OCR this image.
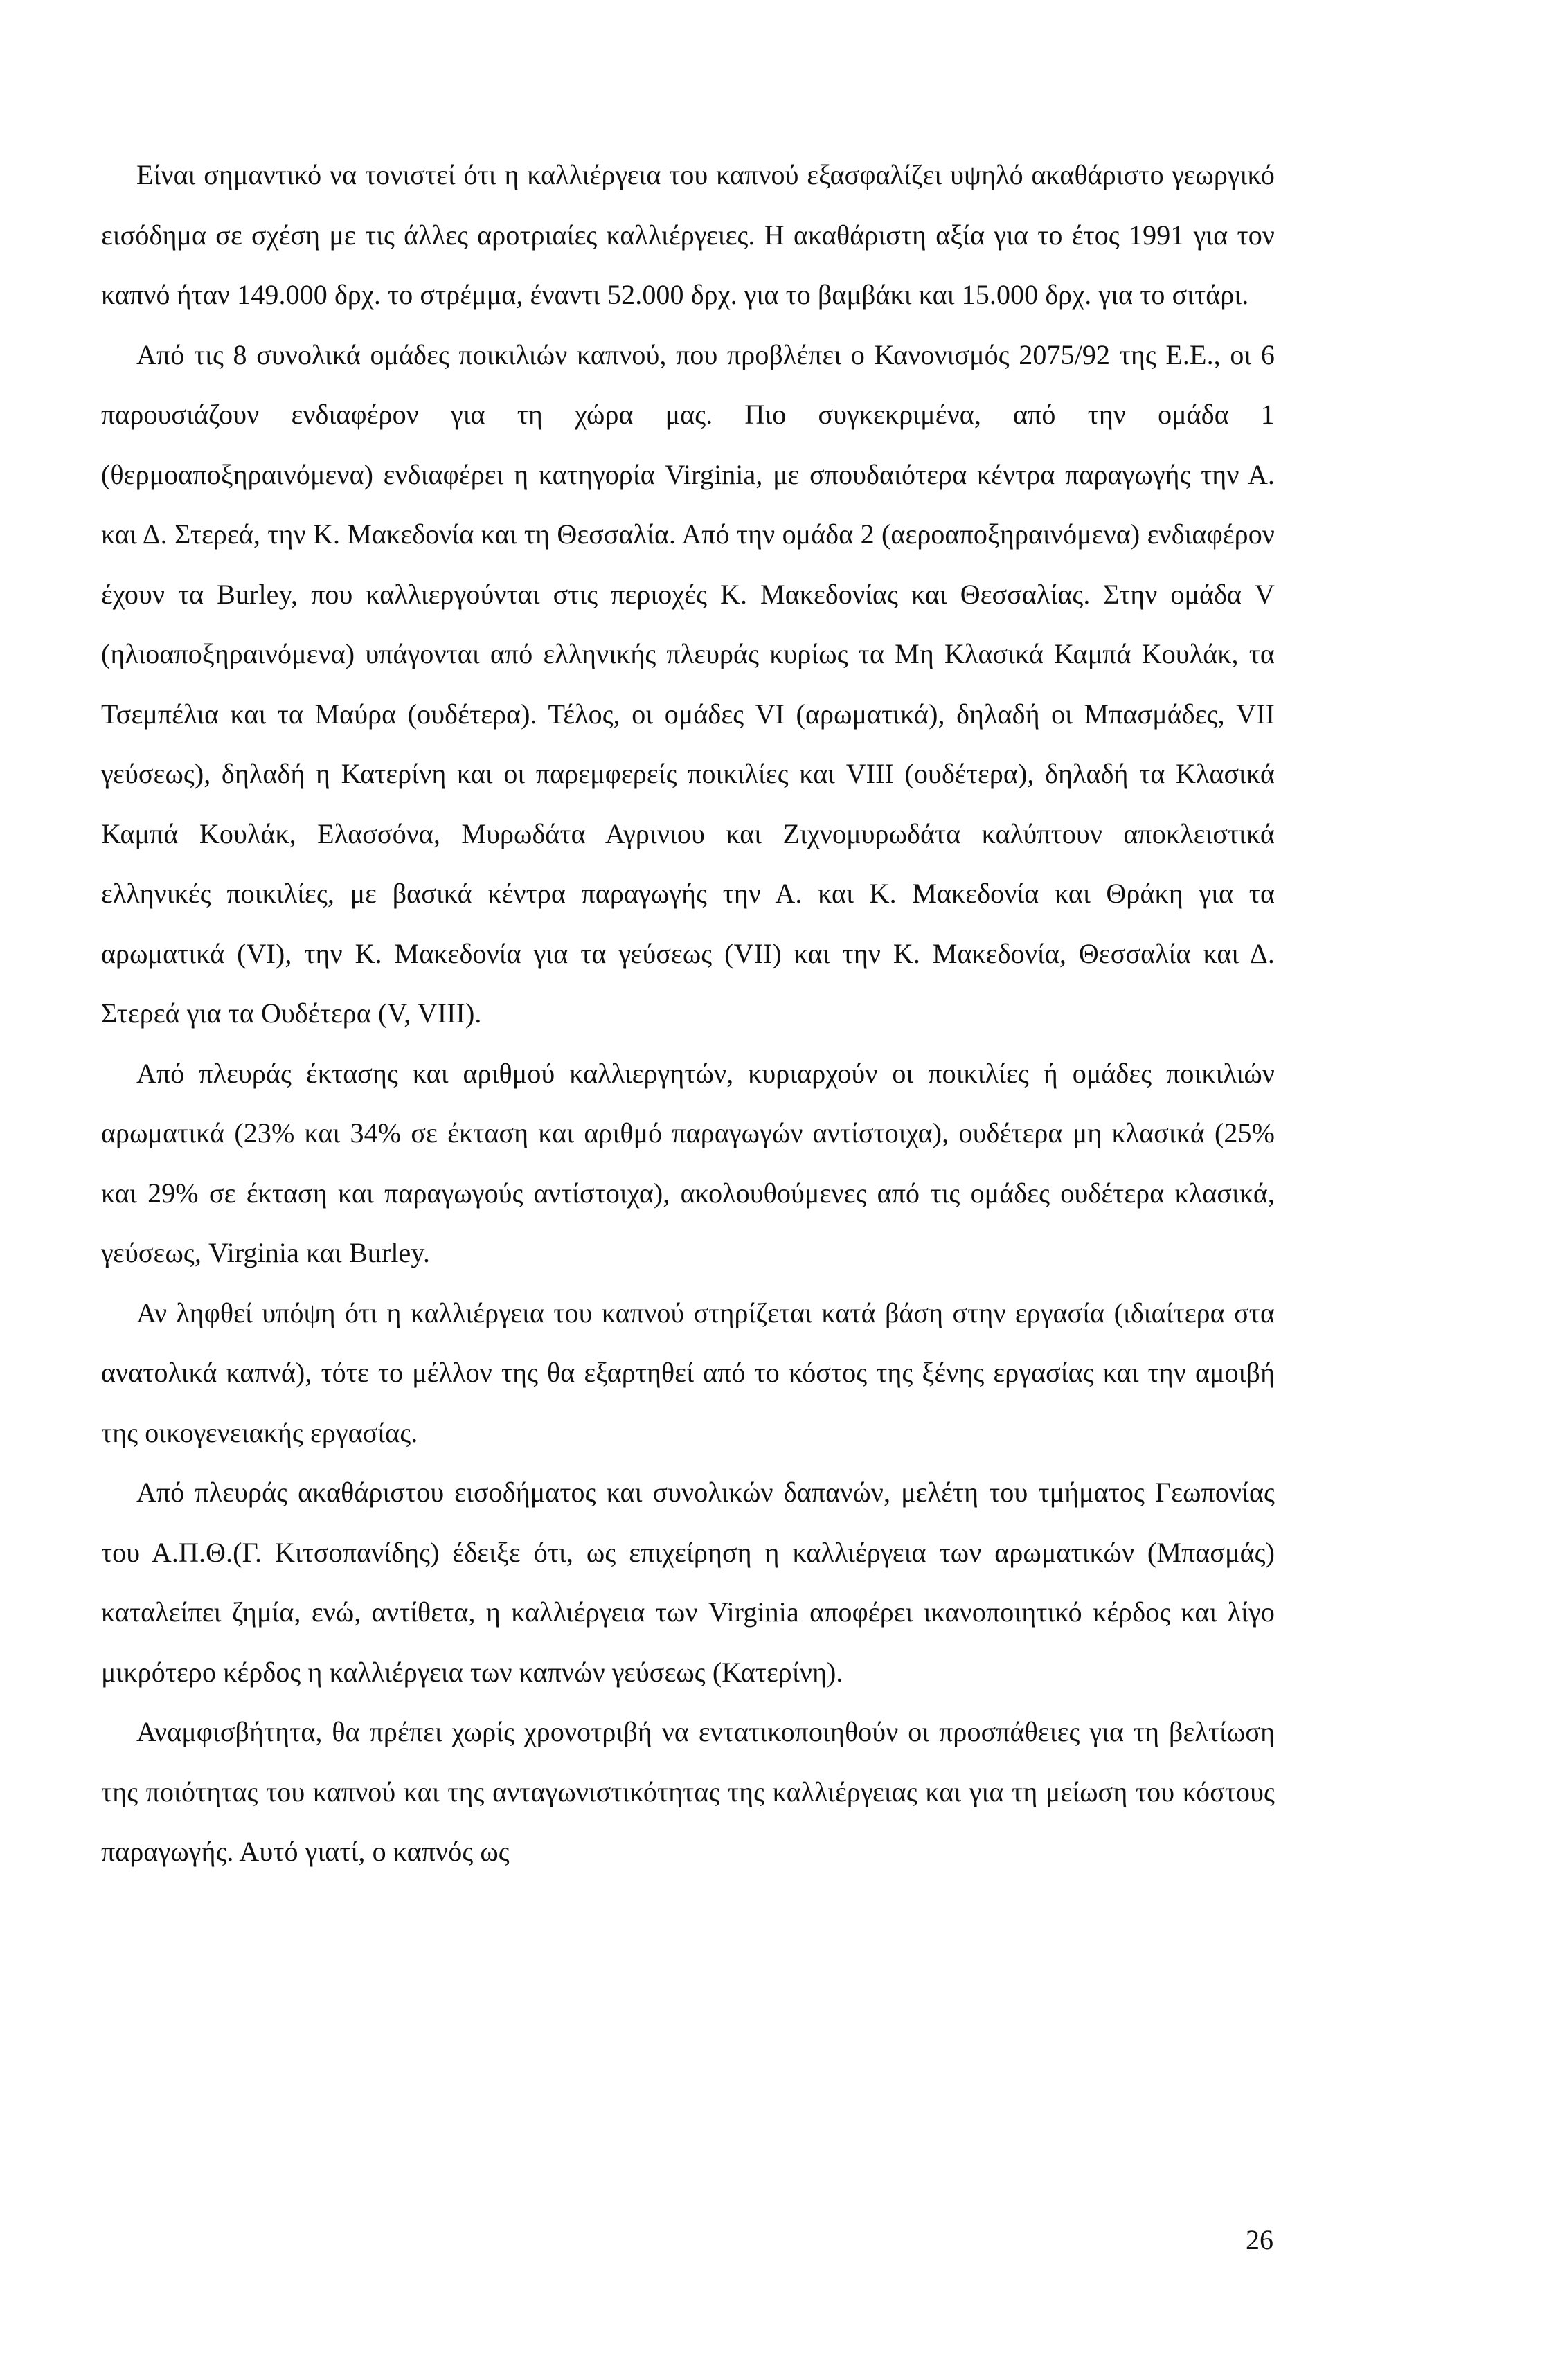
Είναι σημαντικό να τονιστεί ότι η καλλιέργεια του καπνού εξασφαλίζει υψηλό ακαθάριστο γεωργικό εισόδημα σε σχέση με τις άλλες αροτριαίες καλλιέργειες. Η ακαθάριστη αξία για το έτος 1991 για τον καπνό ήταν 149.000 δρχ. το στρέμμα, έναντι 52.000 δρχ. για το βαμβάκι και 15.000 δρχ. για το σιτάρι.

Από τις 8 συνολικά ομάδες ποικιλιών καπνού, που προβλέπει ο Κανονισμός 2075/92 της Ε.Ε., οι 6 παρουσιάζουν ενδιαφέρον για τη χώρα μας. Πιο συγκεκριμένα, από την ομάδα 1 (θερμοαποξηραινόμενα) ενδιαφέρει η κατηγορία Virginia, με σπουδαιότερα κέντρα παραγωγής την Α. και Δ. Στερεά, την Κ. Μακεδονία και τη Θεσσαλία. Από την ομάδα 2 (αεροαποξηραινόμενα) ενδιαφέρον έχουν τα Burley, που καλλιεργούνται στις περιοχές Κ. Μακεδονίας και Θεσσαλίας. Στην ομάδα V (ηλιοαποξηραινόμενα) υπάγονται από ελληνικής πλευράς κυρίως τα Μη Κλασικά Καμπά Κουλάκ, τα Τσεμπέλια και τα Μαύρα (ουδέτερα). Τέλος, οι ομάδες VI (αρωματικά), δηλαδή οι Μπασμάδες, VII γεύσεως), δηλαδή η Κατερίνη και οι παρεμφερείς ποικιλίες και VIII (ουδέτερα), δηλαδή τα Κλασικά Καμπά Κουλάκ, Ελασσόνα, Μυρωδάτα Αγρινιου και Ζιχνομυρωδάτα καλύπτουν αποκλειστικά ελληνικές ποικιλίες, με βασικά κέντρα παραγωγής την Α. και Κ. Μακεδονία και Θράκη για τα αρωματικά (VI), την Κ. Μακεδονία για τα γεύσεως (VII) και την Κ. Μακεδονία, Θεσσαλία και Δ. Στερεά για τα Ουδέτερα (V, VIII).

Από πλευράς έκτασης και αριθμού καλλιεργητών, κυριαρχούν οι ποικιλίες ή ομάδες ποικιλιών αρωματικά (23% και 34% σε έκταση και αριθμό παραγωγών αντίστοιχα), ουδέτερα μη κλασικά (25% και 29% σε έκταση και παραγωγούς αντίστοιχα), ακολουθούμενες από τις ομάδες ουδέτερα κλασικά, γεύσεως, Virginia και Burley.

Αν ληφθεί υπόψη ότι η καλλιέργεια του καπνού στηρίζεται κατά βάση στην εργασία (ιδιαίτερα στα ανατολικά καπνά), τότε το μέλλον της θα εξαρτηθεί από το κόστος της ξένης εργασίας και την αμοιβή της οικογενειακής εργασίας.

Από πλευράς ακαθάριστου εισοδήματος και συνολικών δαπανών, μελέτη του τμήματος Γεωπονίας του Α.Π.Θ.(Γ. Κιτσοπανίδης) έδειξε ότι, ως επιχείρηση η καλλιέργεια των αρωματικών (Μπασμάς) καταλείπει ζημία, ενώ, αντίθετα, η καλλιέργεια των Virginia αποφέρει ικανοποιητικό κέρδος και λίγο μικρότερο κέρδος η καλλιέργεια των καπνών γεύσεως (Κατερίνη).

Αναμφισβήτητα, θα πρέπει χωρίς χρονοτριβή να εντατικοποιηθούν οι προσπάθειες για τη βελτίωση της ποιότητας του καπνού και της ανταγωνιστικότητας της καλλιέργειας και για τη μείωση του κόστους παραγωγής. Αυτό γιατί, ο καπνός ως

26
